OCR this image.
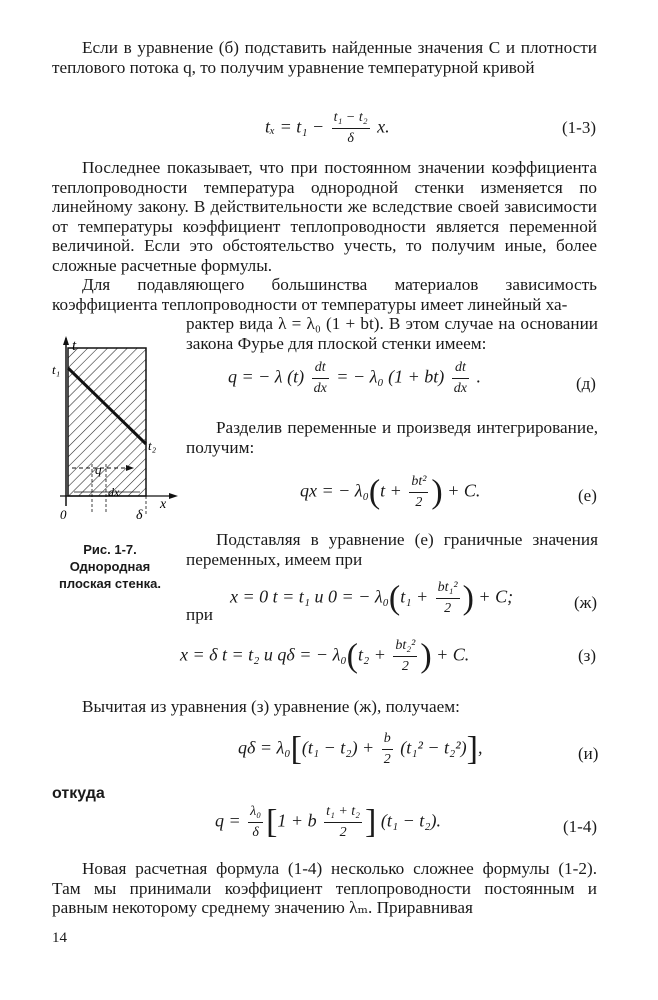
Если в уравнение (б) подставить найденные значения C и плотности теплового потока q, то получим уравнение температурной кривой
$t_x = t_1 - \frac{\text{t₁ − t₂}}{\delta} x$.	(1-3)
Последнее показывает, что при постоянном значении коэффициента теплопроводности температура однородной стенки изменяется по линейному закону. В действительности же вследствие своей зависимости от температуры коэффициент теплопроводности является переменной величиной. Если это обстоятельство учесть, то получим иные, более сложные расчетные формулы.
Для подавляющего большинства материалов зависимость коэффициента теплопроводности от температуры имеет линейный ха-
рактер вида λ = λ₀ (1 + bt). В этом случае на основании закона Фурье для плоской стенки имеем:
t
t₁
t₂
q
dx
x
0	δ
Рис. 1-7. Однородная плоская стенка.
q = − λ $(t) \frac{dt}{dx}$ = − λ₀ $(1 + bt) \frac{dt}{dx}$ .	(д)
Разделив переменные и произведя интегрирование, получим:
qx = − $\lambda_0(t + \frac{\text{bt²}}{2}$ ) + C.	(е)
Подставляя в уравнение (е) граничные значения переменных, имеем при
при
x = 0 t = t₁ и 0 = − $\lambda_0(t_1 + \frac{\text{bt₁²}}{2}$ ) + C;	(ж)
x = δ t = t₂ и qδ = − $\lambda_0(t_2 + \frac{\text{bt₂²}}{2}$ ) + C.	(з)
Вычитая из уравнения (з) уравнение (ж), получаем:
$q\delta = \lambda_0[(t_1 - t_2) + \frac{b}{2} (t_1^2 - t_2^2)]$,	(и)
откуда
$q = \frac{\text{λ₀}}{\delta} [1 + b \frac{\text{t₁ + t₂}}{2}$ ] (t₁ − t₂).	(1-4)
Новая расчетная формула (1-4) несколько сложнее формулы (1-2). Там мы принимали коэффициент теплопроводности постоянным и равным некоторому среднему значению λₘ. Приравнивая
14
